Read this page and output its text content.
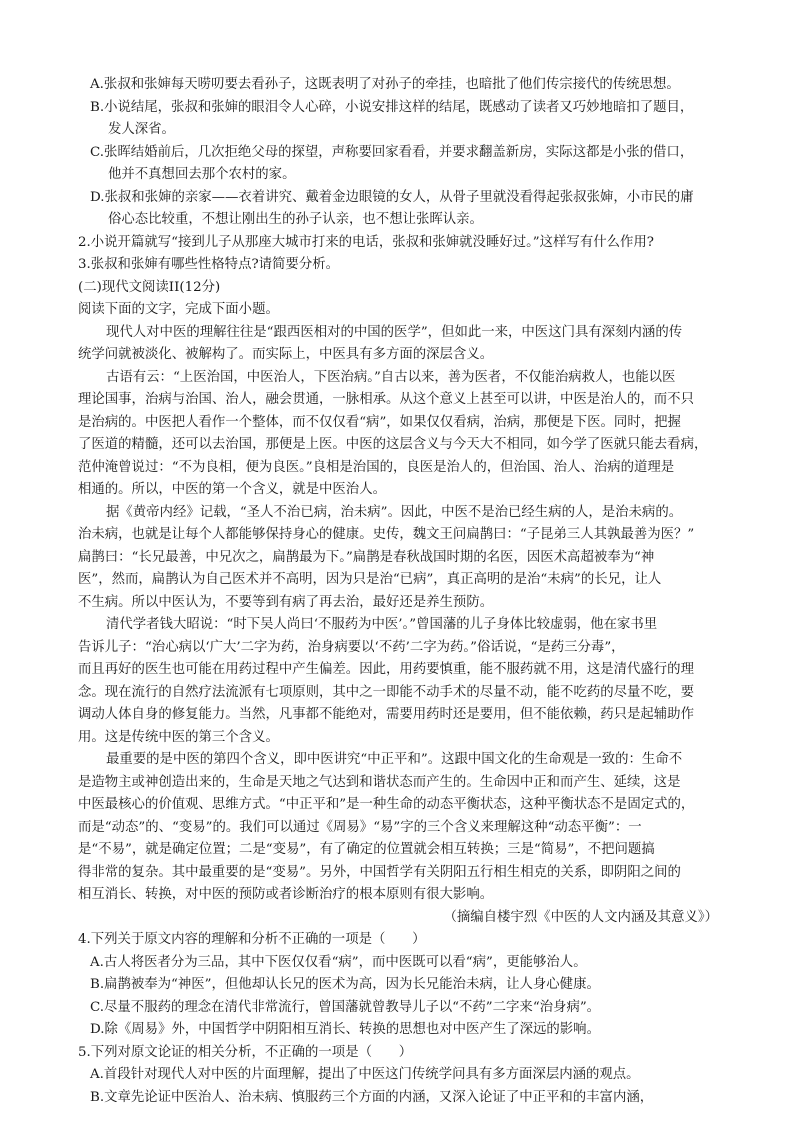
A.张叔和张婶每天唠叨要去看孙子，这既表明了对孙子的牵挂，也暗批了他们传宗接代的传统思想。
B.小说结尾，张叔和张婶的眼泪令人心碎，小说安排这样的结尾，既感动了读者又巧妙地暗扣了题目，
发人深省。
C.张晖结婚前后，几次拒绝父母的探望，声称要回家看看，并要求翻盖新房，实际这都是小张的借口，
他并不真想回去那个农村的家。
D.张叔和张婶的亲家——衣着讲究、戴着金边眼镜的女人，从骨子里就没看得起张叔张婶，小市民的庸
俗心态比较重，不想让刚出生的孙子认亲，也不想让张晖认亲。
2.小说开篇就写“接到儿子从那座大城市打来的电话，张叔和张婶就没睡好过。”这样写有什么作用?
3.张叔和张婶有哪些性格特点?请简要分析。
(二)现代文阅读II(12分)
阅读下面的文字，完成下面小题。
现代人对中医的理解往往是“跟西医相对的中国的医学”，但如此一来，中医这门具有深刻内涵的传
统学问就被淡化、被解构了。而实际上，中医具有多方面的深层含义。
古语有云：“上医治国，中医治人，下医治病。”自古以来，善为医者，不仅能治病救人，也能以医
理论国事，治病与治国、治人，融会贯通，一脉相承。从这个意义上甚至可以讲，中医是治人的，而不只
是治病的。中医把人看作一个整体，而不仅仅看“病”，如果仅仅看病，治病，那便是下医。同时，把握
了医道的精髓，还可以去治国，那便是上医。中医的这层含义与今天大不相同，如今学了医就只能去看病，
范仲淹曾说过：“不为良相，便为良医。”良相是治国的，良医是治人的，但治国、治人、治病的道理是
相通的。所以，中医的第一个含义，就是中医治人。
据《黄帝内经》记载，“圣人不治已病，治未病”。因此，中医不是治已经生病的人，是治未病的。
治未病，也就是让每个人都能够保持身心的健康。史传，魏文王问扁鹊曰：“子昆弟三人其孰最善为医？”
扁鹊曰：“长兄最善，中兄次之，扁鹊最为下。”扁鹊是春秋战国时期的名医，因医术高超被奉为“神
医”，然而，扁鹊认为自己医术并不高明，因为只是治“已病”，真正高明的是治“未病”的长兄，让人
不生病。所以中医认为，不要等到有病了再去治，最好还是养生预防。
清代学者钱大昭说：“时下吴人尚曰‘不服药为中医’。”曾国藩的儿子身体比较虚弱，他在家书里
告诉儿子：“治心病以‘广大’二字为药，治身病要以‘不药’二字为药。”俗话说，“是药三分毒”，
而且再好的医生也可能在用药过程中产生偏差。因此，用药要慎重，能不服药就不用，这是清代盛行的理
念。现在流行的自然疗法流派有七项原则，其中之一即能不动手术的尽量不动，能不吃药的尽量不吃，要
调动人体自身的修复能力。当然，凡事都不能绝对，需要用药时还是要用，但不能依赖，药只是起辅助作
用。这是传统中医的第三个含义。
最重要的是中医的第四个含义，即中医讲究“中正平和”。这跟中国文化的生命观是一致的：生命不
是造物主或神创造出来的，生命是天地之气达到和谐状态而产生的。生命因中正和而产生、延续，这是
中医最核心的价值观、思维方式。“中正平和”是一种生命的动态平衡状态，这种平衡状态不是固定式的，
而是“动态”的、“变易”的。我们可以通过《周易》“易”字的三个含义来理解这种“动态平衡”：一
是“不易”，就是确定位置；二是“变易”，有了确定的位置就会相互转换；三是“简易”，不把问题搞
得非常的复杂。其中最重要的是“变易”。另外，中国哲学有关阴阳五行相生相克的关系，即阴阳之间的
相互消长、转换，对中医的预防或者诊断治疗的根本原则有很大影响。
（摘编自楼宇烈《中医的人文内涵及其意义》）
4.下列关于原文内容的理解和分析不正确的一项是（　　）
A.古人将医者分为三品，其中下医仅仅看“病”，而中医既可以看“病”，更能够治人。
B.扁鹊被奉为“神医”，但他却认长兄的医术为高，因为长兄能治未病，让人身心健康。
C.尽量不服药的理念在清代非常流行，曾国藩就曾教导儿子以“不药”二字来“治身病”。
D.除《周易》外，中国哲学中阴阳相互消长、转换的思想也对中医产生了深远的影响。
5.下列对原文论证的相关分析，不正确的一项是（　　）
A.首段针对现代人对中医的片面理解，提出了中医这门传统学问具有多方面深层内涵的观点。
B.文章先论证中医治人、治未病、慎服药三个方面的内涵，又深入论证了中正平和的丰富内涵，
